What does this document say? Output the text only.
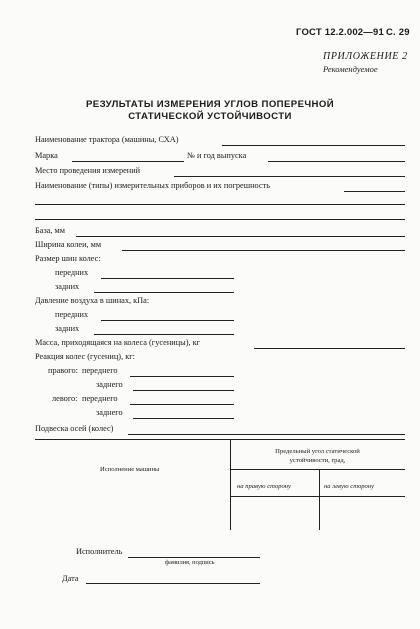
ГОСТ 12.2.002—91 С. 29
ПРИЛОЖЕНИЕ 2
Рекомендуемое
РЕЗУЛЬТАТЫ ИЗМЕРЕНИЯ УГЛОВ ПОПЕРЕЧНОЙ
СТАТИЧЕСКОЙ УСТОЙЧИВОСТИ
Наименование трактора (машины, СХА)
Марка	№ и год выпуска
Место проведения измерений
Наименование (типы) измерительных приборов и их погрешность
База, мм
Ширина колеи, мм
Размер шин колес:
передних
задних
Давление воздуха в шинах, кПа:
передних
задних
Масса, приходящаяся на колеса (гусеницы), кг
Реакция колес (гусениц), кг:
правого: переднего
заднего
левого: переднего
заднего
Подвеска осей (колес)
Исполнение машины
Предельный угол статической
устойчивости, град,
на правую сторону	на левую сторону
Исполнитель
фамилия, подпись
Дата
